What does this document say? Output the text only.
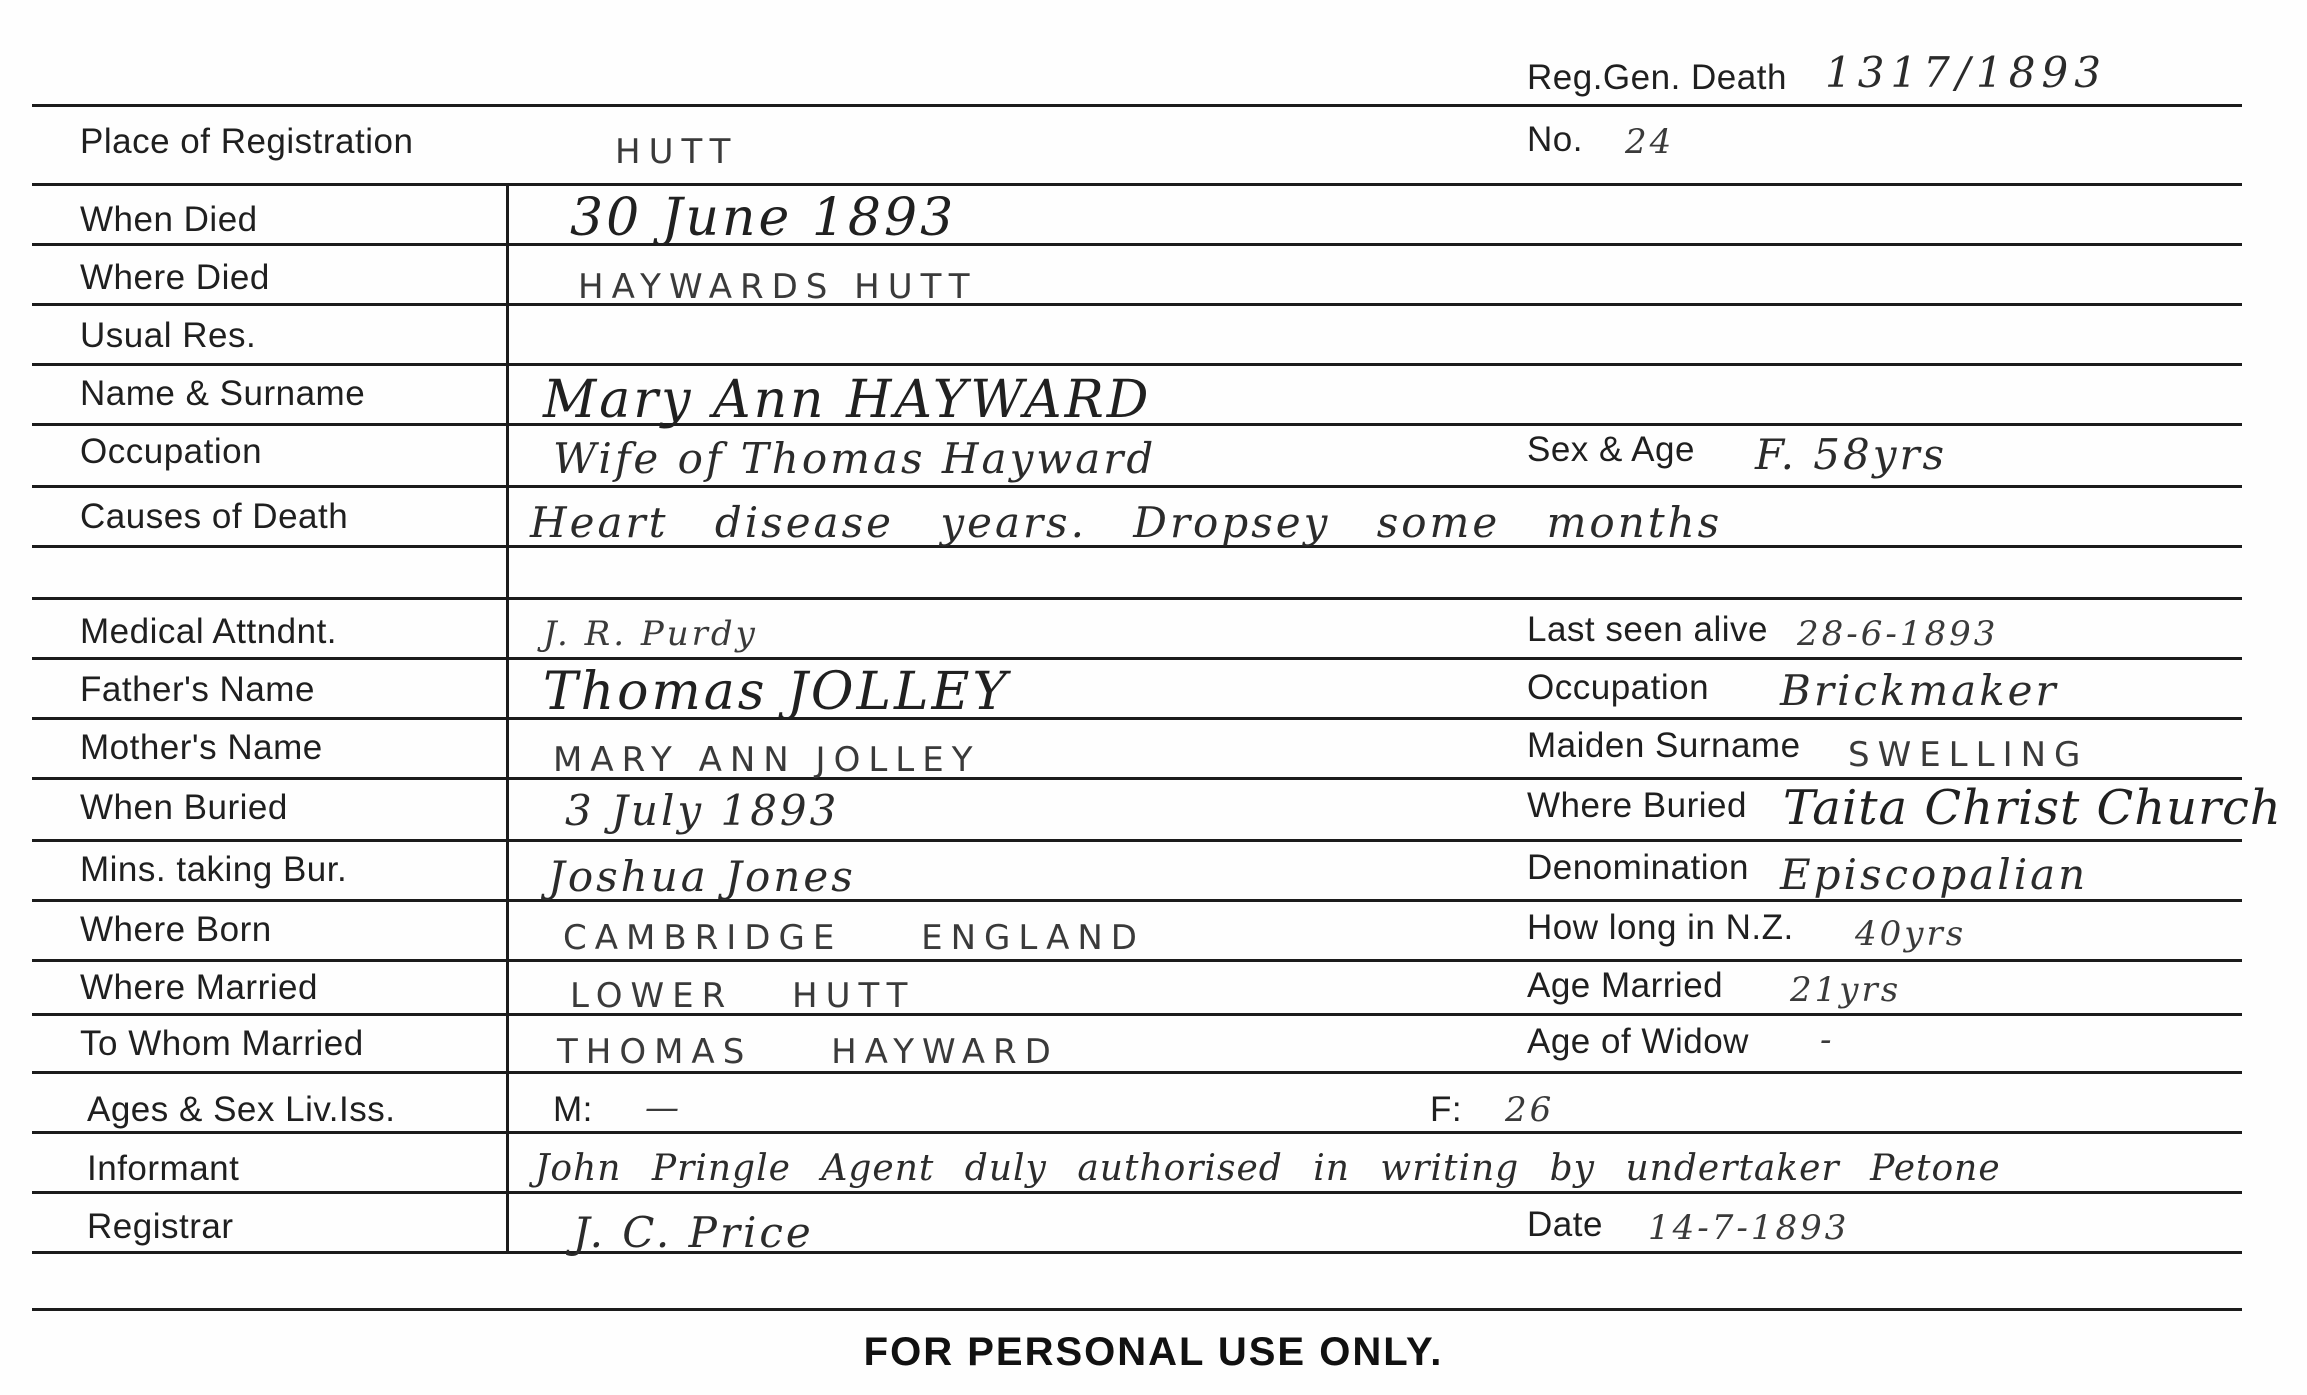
Reg.Gen. Death 1317/1893
Place of Registration	HUTT	No. 24
When Died	30 June 1893
Where Died	HAYWARDS HUTT
Usual Res.
Name & Surname	Mary Ann HAYWARD
Occupation	Wife of Thomas Hayward	Sex & Age F. 58yrs
Causes of Death	Heart disease years. Dropsey some months
Medical Attndnt.	J. R. Purdy	Last seen alive 28-6-1893
Father's Name	Thomas JOLLEY	Occupation Brickmaker
Mother's Name	MARY ANN JOLLEY	Maiden Surname SWELLING
When Buried	3 July 1893	Where Buried Taita Christ Church
Mins. taking Bur.	Joshua Jones	Denomination Episcopalian
Where Born	CAMBRIDGE ENGLAND	How long in N.Z. 40yrs
Where Married	LOWER HUTT	Age Married 21yrs
To Whom Married	THOMAS HAYWARD	Age of Widow -
Ages & Sex Liv.Iss.	M: —	F: 26
Informant	John Pringle Agent duly authorised in writing by undertaker Petone
Registrar	J. C. Price	Date 14-7-1893
FOR PERSONAL USE ONLY.
